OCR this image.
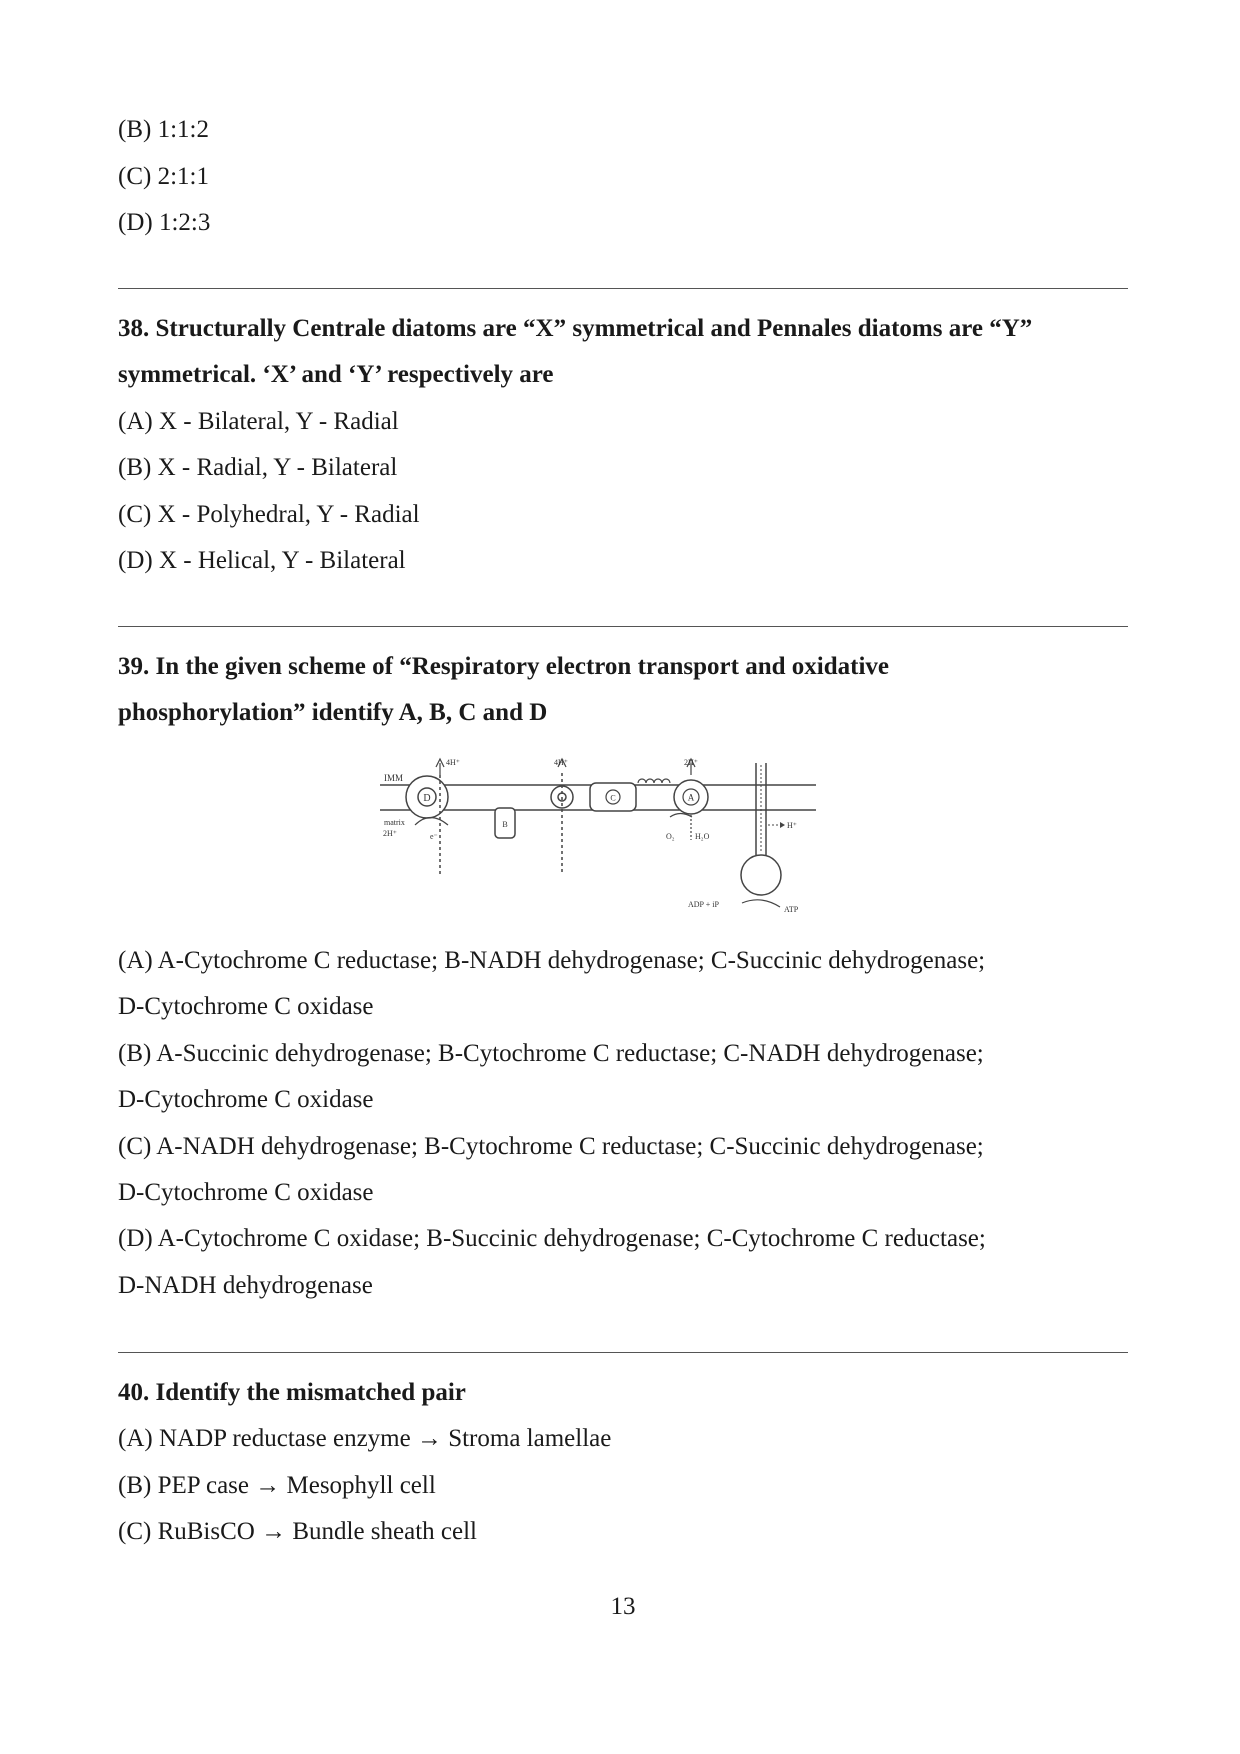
(B) 1:1:2
(C) 2:1:1
(D) 1:2:3
38. Structurally Centrale diatoms are “X” symmetrical and Pennales diatoms are “Y”
symmetrical. ‘X’ and ‘Y’ respectively are
(A) X - Bilateral, Y - Radial
(B) X - Radial, Y - Bilateral
(C) X - Polyhedral, Y - Radial
(D) X - Helical, Y - Bilateral
39. In the given scheme of “Respiratory electron transport and oxidative
phosphorylation” identify A, B, C and D
IMM
matrix
2H⁺
D
4H⁺
e⁻
B
4H⁺
C	A
2H⁺
O₂	H₂O
H⁺
ADP + iP
ATP
(A) A-Cytochrome C reductase; B-NADH dehydrogenase; C-Succinic dehydrogenase;
D-Cytochrome C oxidase
(B) A-Succinic dehydrogenase; B-Cytochrome C reductase; C-NADH dehydrogenase;
D-Cytochrome C oxidase
(C) A-NADH dehydrogenase; B-Cytochrome C reductase; C-Succinic dehydrogenase;
D-Cytochrome C oxidase
(D) A-Cytochrome C oxidase; B-Succinic dehydrogenase; C-Cytochrome C reductase;
D-NADH dehydrogenase
40. Identify the mismatched pair
(A) NADP reductase enzyme → Stroma lamellae
(B) PEP case → Mesophyll cell
(C) RuBisCO → Bundle sheath cell
13
